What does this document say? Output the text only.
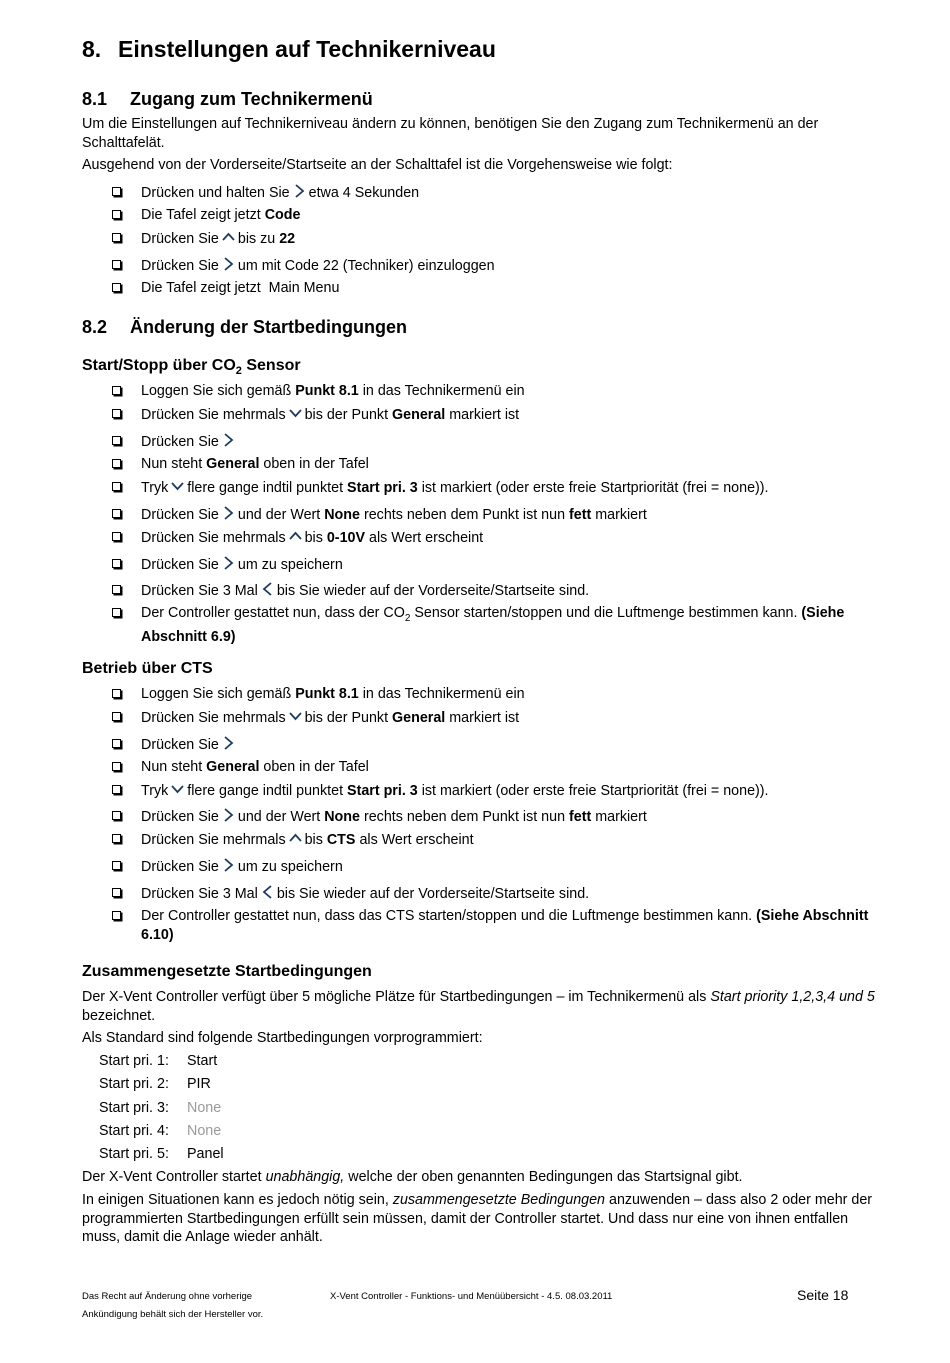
8. Einstellungen auf Technikerniveau
8.1 Zugang zum Technikermenü

Um die Einstellungen auf Technikerniveau ändern zu können, benötigen Sie den Zugang zum Technikermenü an der Schalttafelät.

Ausgehend von der Vorderseite/Startseite an der Schalttafel ist die Vorgehensweise wie folgt:

Drücken und halten Sie etwa 4 Sekunden
Die Tafel zeigt jetzt Code
Drücken Sie bis zu 22
Drücken Sie um mit Code 22 (Techniker) einzuloggen
Die Tafel zeigt jetzt  Main Menu
8.2 Änderung der Startbedingungen
Start/Stopp über $CO_2$ Sensor
Loggen Sie sich gemäß Punkt 8.1 in das Technikermenü ein
Drücken Sie mehrmals bis der Punkt General markiert ist
Drücken Sie
Nun steht General oben in der Tafel
Tryk flere gange indtil punktet Start pri. 3 ist markiert (oder erste freie Startpriorität (frei = none)).
Drücken Sie und der Wert None rechts neben dem Punkt ist nun fett markiert
Drücken Sie mehrmals bis 0-10V als Wert erscheint
Drücken Sie um zu speichern
Drücken Sie 3 Mal bis Sie wieder auf der Vorderseite/Startseite sind.
Der Controller gestattet nun, dass der $CO_2$ Sensor starten/stoppen und die Luftmenge bestimmen kann. (Siehe Abschnitt 6.9)
Betrieb über CTS
Loggen Sie sich gemäß Punkt 8.1 in das Technikermenü ein
Drücken Sie mehrmals bis der Punkt General markiert ist
Drücken Sie
Nun steht General oben in der Tafel
Tryk flere gange indtil punktet Start pri. 3 ist markiert (oder erste freie Startpriorität (frei = none)).
Drücken Sie und der Wert None rechts neben dem Punkt ist nun fett markiert
Drücken Sie mehrmals bis CTS als Wert erscheint
Drücken Sie um zu speichern
Drücken Sie 3 Mal bis Sie wieder auf der Vorderseite/Startseite sind.
Der Controller gestattet nun, dass das CTS starten/stoppen und die Luftmenge bestimmen kann. (Siehe Abschnitt 6.10)
Zusammengesetzte Startbedingungen

Der X-Vent Controller verfügt über 5 mögliche Plätze für Startbedingungen – im Technikermenü als Start priority 1,2,3,4 und 5 bezeichnet.

Als Standard sind folgende Startbedingungen vorprogrammiert:

Start pri. 1: Start
Start pri. 2: PIR
Start pri. 3: None
Start pri. 4: None
Start pri. 5: Panel

Der X-Vent Controller startet unabhängig, welche der oben genannten Bedingungen das Startsignal gibt.

In einigen Situationen kann es jedoch nötig sein, zusammengesetzte Bedingungen anzuwenden – dass also 2 oder mehr der programmierten Startbedingungen erfüllt sein müssen, damit der Controller startet. Und dass nur eine von ihnen entfallen muss, damit die Anlage wieder anhält.

Das Recht auf Änderung ohne vorherige
Ankündigung behält sich der Hersteller vor.
X-Vent Controller - Funktions- und Menüübersicht - 4.5. 08.03.2011	Seite 18
